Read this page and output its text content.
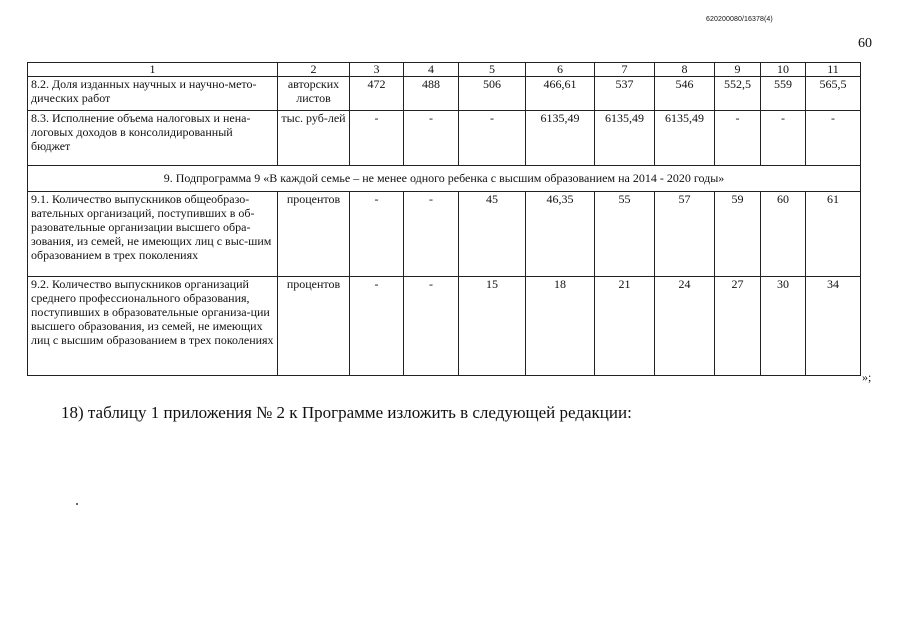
620200080/16378(4)
60
1	2	3	4	5	6	7	8	9	10	11
8.2. Доля изданных научных и научно-мето-дических работ	авторских листов	472	488	506	466,61	537	546	552,5	559	565,5
8.3. Исполнение объема налоговых и нена-логовых доходов в консолидированный бюджет	тыс. руб-лей	-	-	-	6135,49	6135,49	6135,49	-	-	-
9. Подпрограмма 9 «В каждой семье – не менее одного ребенка с высшим образованием на 2014 - 2020 годы»										
9.1. Количество выпускников общеобразо-вательных организаций, поступивших в об-разовательные организации высшего обра-зования, из семей, не имеющих лиц с выс-шим образованием в трех поколениях	процентов	-	-	45	46,35	55	57	59	60	61
9.2. Количество выпускников организаций среднего профессионального образования, поступивших в образовательные организа-ции высшего образования, из семей, не имеющих лиц с высшим образованием в трех поколениях	процентов	-	-	15	18	21	24	27	30	34
»;
18) таблицу 1 приложения № 2 к Программе изложить в следующей редакции:
